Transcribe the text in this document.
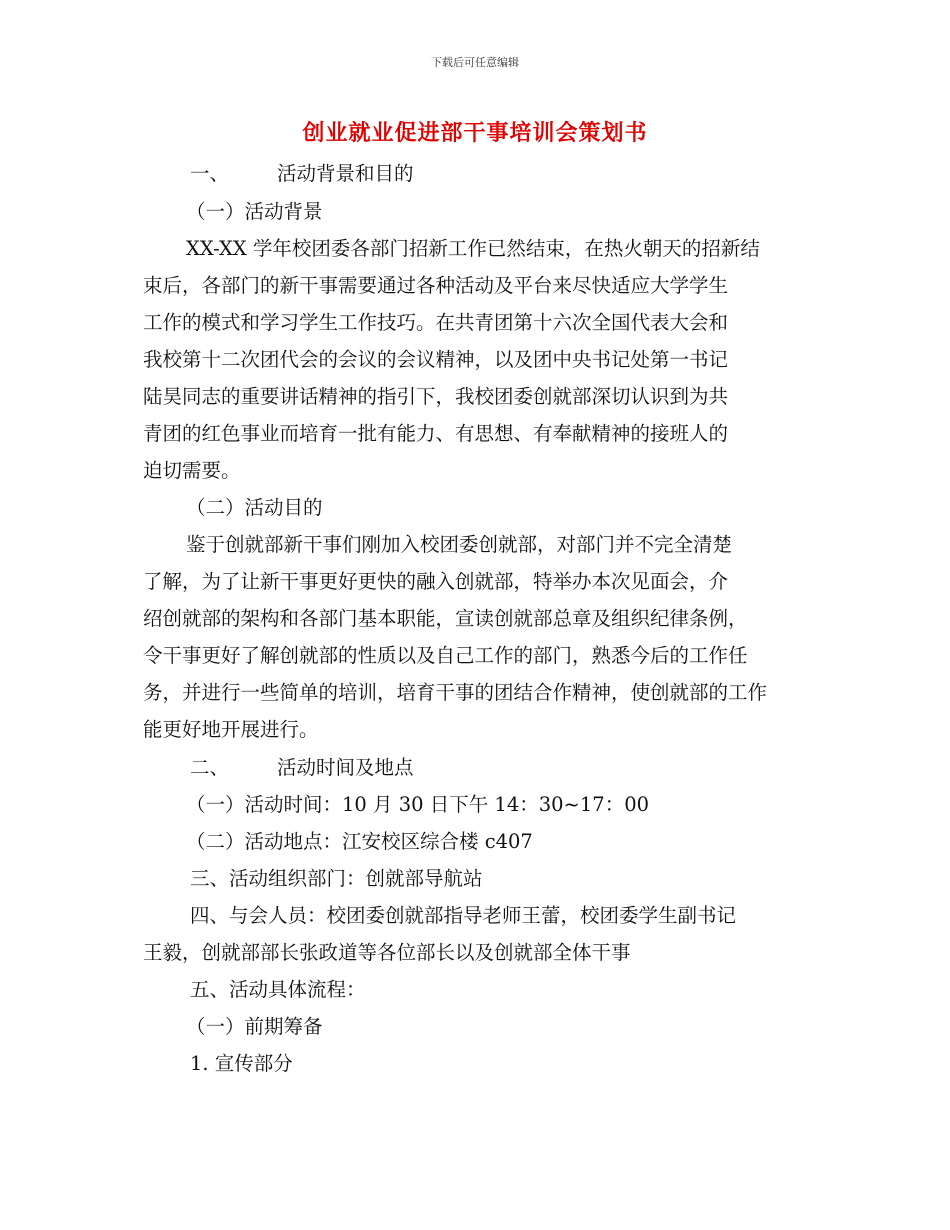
下载后可任意编辑
创业就业促进部干事培训会策划书
一、 活动背景和目的
（一）活动背景
XX-XX 学年校团委各部门招新工作已然结束，在热火朝天的招新结
束后，各部门的新干事需要通过各种活动及平台来尽快适应大学学生
工作的模式和学习学生工作技巧。在共青团第十六次全国代表大会和
我校第十二次团代会的会议的会议精神，以及团中央书记处第一书记
陆昊同志的重要讲话精神的指引下，我校团委创就部深切认识到为共
青团的红色事业而培育一批有能力、有思想、有奉献精神的接班人的
迫切需要。
（二）活动目的
鉴于创就部新干事们刚加入校团委创就部，对部门并不完全清楚
了解，为了让新干事更好更快的融入创就部，特举办本次见面会，介
绍创就部的架构和各部门基本职能，宣读创就部总章及组织纪律条例，
令干事更好了解创就部的性质以及自己工作的部门，熟悉今后的工作任
务，并进行一些简单的培训，培育干事的团结合作精神，使创就部的工作
能更好地开展进行。
二、 活动时间及地点
（一）活动时间：10 月 30 日下午 14：30~17：00
（二）活动地点：江安校区综合楼 c407
三、活动组织部门：创就部导航站
四、与会人员：校团委创就部指导老师王蕾，校团委学生副书记
王毅，创就部部长张政道等各位部长以及创就部全体干事
五、活动具体流程：
（一）前期筹备
1. 宣传部分
